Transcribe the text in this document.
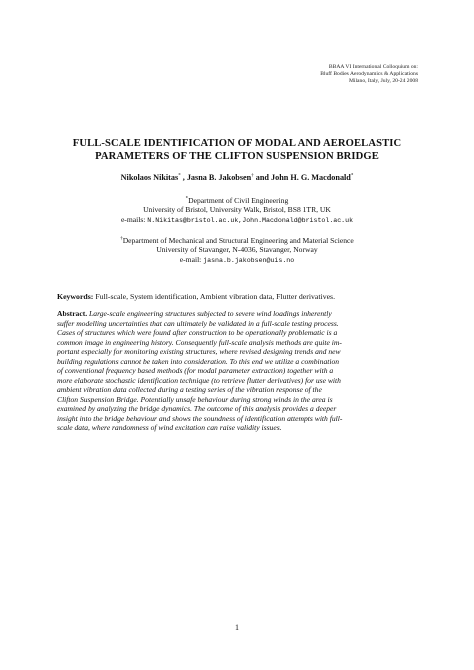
BBAA VI International Colloquium on:
Bluff Bodies Aerodynamics & Applications
Milano, Italy, July, 20-24 2008
FULL-SCALE IDENTIFICATION OF MODAL AND AEROELASTIC
PARAMETERS OF THE CLIFTON SUSPENSION BRIDGE
Nikolaos Nikitas* , Jasna B. Jakobsen† and John H. G. Macdonald*
*Department of Civil Engineering
University of Bristol, University Walk, Bristol, BS8 1TR, UK
e-mails: N.Nikitas@bristol.ac.uk,John.Macdonald@bristol.ac.uk
†Department of Mechanical and Structural Engineering and Material Science
University of Stavanger, N-4036, Stavanger, Norway
e-mail: jasna.b.jakobsen@uis.no
Keywords: Full-scale, System identification, Ambient vibration data, Flutter derivatives.
Abstract. Large-scale engineering structures subjected to severe wind loadings inherently
suffer modelling uncertainties that can ultimately be validated in a full-scale testing process.
Cases of structures which were found after construction to be operationally problematic is a
common image in engineering history. Consequently full-scale analysis methods are quite im-
portant especially for monitoring existing structures, where revised designing trends and new
building regulations cannot be taken into consideration. To this end we utilize a combination
of conventional frequency based methods (for modal parameter extraction) together with a
more elaborate stochastic identification technique (to retrieve flutter derivatives) for use with
ambient vibration data collected during a testing series of the vibration response of the
Clifton Suspension Bridge. Potentially unsafe behaviour during strong winds in the area is
examined by analyzing the bridge dynamics. The outcome of this analysis provides a deeper
insight into the bridge behaviour and shows the soundness of identification attempts with full-
scale data, where randomness of wind excitation can raise validity issues.
1
